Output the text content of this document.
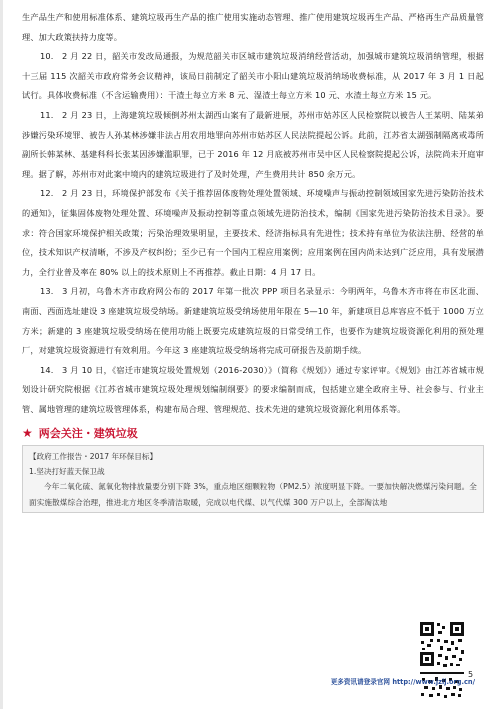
生产品生产和使用标准体系、建筑垃圾再生产品的推广使用实施动态管理、推广使用建筑垃圾再生产品、严格再生产品质量管理、加大政策扶持力度等。

10.　2 月 22 日，韶关市发改局通报，为规范韶关市区城市建筑垃圾消纳经营活动，加强城市建筑垃圾消纳管理，根据十三届 115 次韶关市政府常务会议精神，该局日前制定了韶关市小阳山建筑垃圾消纳场收费标准，从 2017 年 3 月 1 日起试行。具体收费标准（不含运输费用）：干渣土每立方米 8 元、湿渣土每立方米 10 元、水渣土每立方米 15 元。

11.　2 月 23 日，上海建筑垃圾倾倒苏州太湖西山案有了最新进展，苏州市姑苏区人民检察院以被告人王某明、陆某弟涉嫌污染环境罪、被告人孙某林涉嫌非法占用农用地罪向苏州市姑苏区人民法院提起公诉。此前，江苏省太湖强制隔离戒毒所副所长韩某林、基建科科长张某因涉嫌滥职罪，已于 2016 年 12 月底被苏州市吴中区人民检察院提起公诉，法院尚未开庭审理。据了解，苏州市对此案中境内的建筑垃圾进行了及时处理，产生费用共计 850 余万元。

12.　2 月 23 日，环境保护部发布《关于推荐固体废物处理处置领域、环境噪声与振动控制领域国家先进污染防治技术的通知》，征集固体废物处理处置、环境噪声及振动控制等重点领域先进防治技术，编制《国家先进污染防治技术目录》。要求：符合国家环境保护相关政策；污染治理效果明显，主要技术、经济指标具有先进性；技术持有单位为依法注册、经营的单位，技术知识产权清晰，不涉及产权纠纷；至少已有一个国内工程应用案例；应用案例在国内尚未达到广泛应用，具有发展潜力，全行业普及率在 80% 以上的技术原则上不再推荐。截止日期：4 月 17 日。

13.　3 月初，乌鲁木齐市政府网公布的 2017 年第一批次 PPP 项目名录显示：今明两年，乌鲁木齐市将在市区北面、南面、西面选址建设 3 座建筑垃圾受纳场。新建建筑垃圾受纳场使用年限在 5—10 年，新建项目总库容应不低于 1000 万立方米；新建的 3 座建筑垃圾受纳场在使用功能上既要完成建筑垃圾的日常受纳工作，也要作为建筑垃圾资源化利用的预处理厂，对建筑垃圾资源进行有效利用。今年这 3 座建筑垃圾受纳场将完成可研报告及前期手续。

14.　3 月 10 日，《宿迁市建筑垃圾处置规划（2016-2030）》（简称《规划》）通过专家评审。《规划》由江苏省城市规划设计研究院根据《江苏省城市建筑垃圾处理规划编制纲要》的要求编制而成，包括建立建全政府主导、社会参与、行业主管、属地管理的建筑垃圾管理体系，构建布局合理、管理规范、技术先进的建筑垃圾资源化利用体系等。

★ 两会关注・建筑垃圾
【政府工作报告・2017 年环保目标】
1.坚决打好蓝天保卫战
今年二氧化硫、氮氧化物排放量要分别下降 3%，重点地区细颗粒物（PM2.5）浓度明显下降。一要加快解决燃煤污染问题。全面实施散煤综合治理，推进北方地区冬季清洁取暖，完成以电代煤、以气代煤 300 万户以上，全部淘汰地
更多资讯请登录官网 http://www.jzlj.org.cn/
5
